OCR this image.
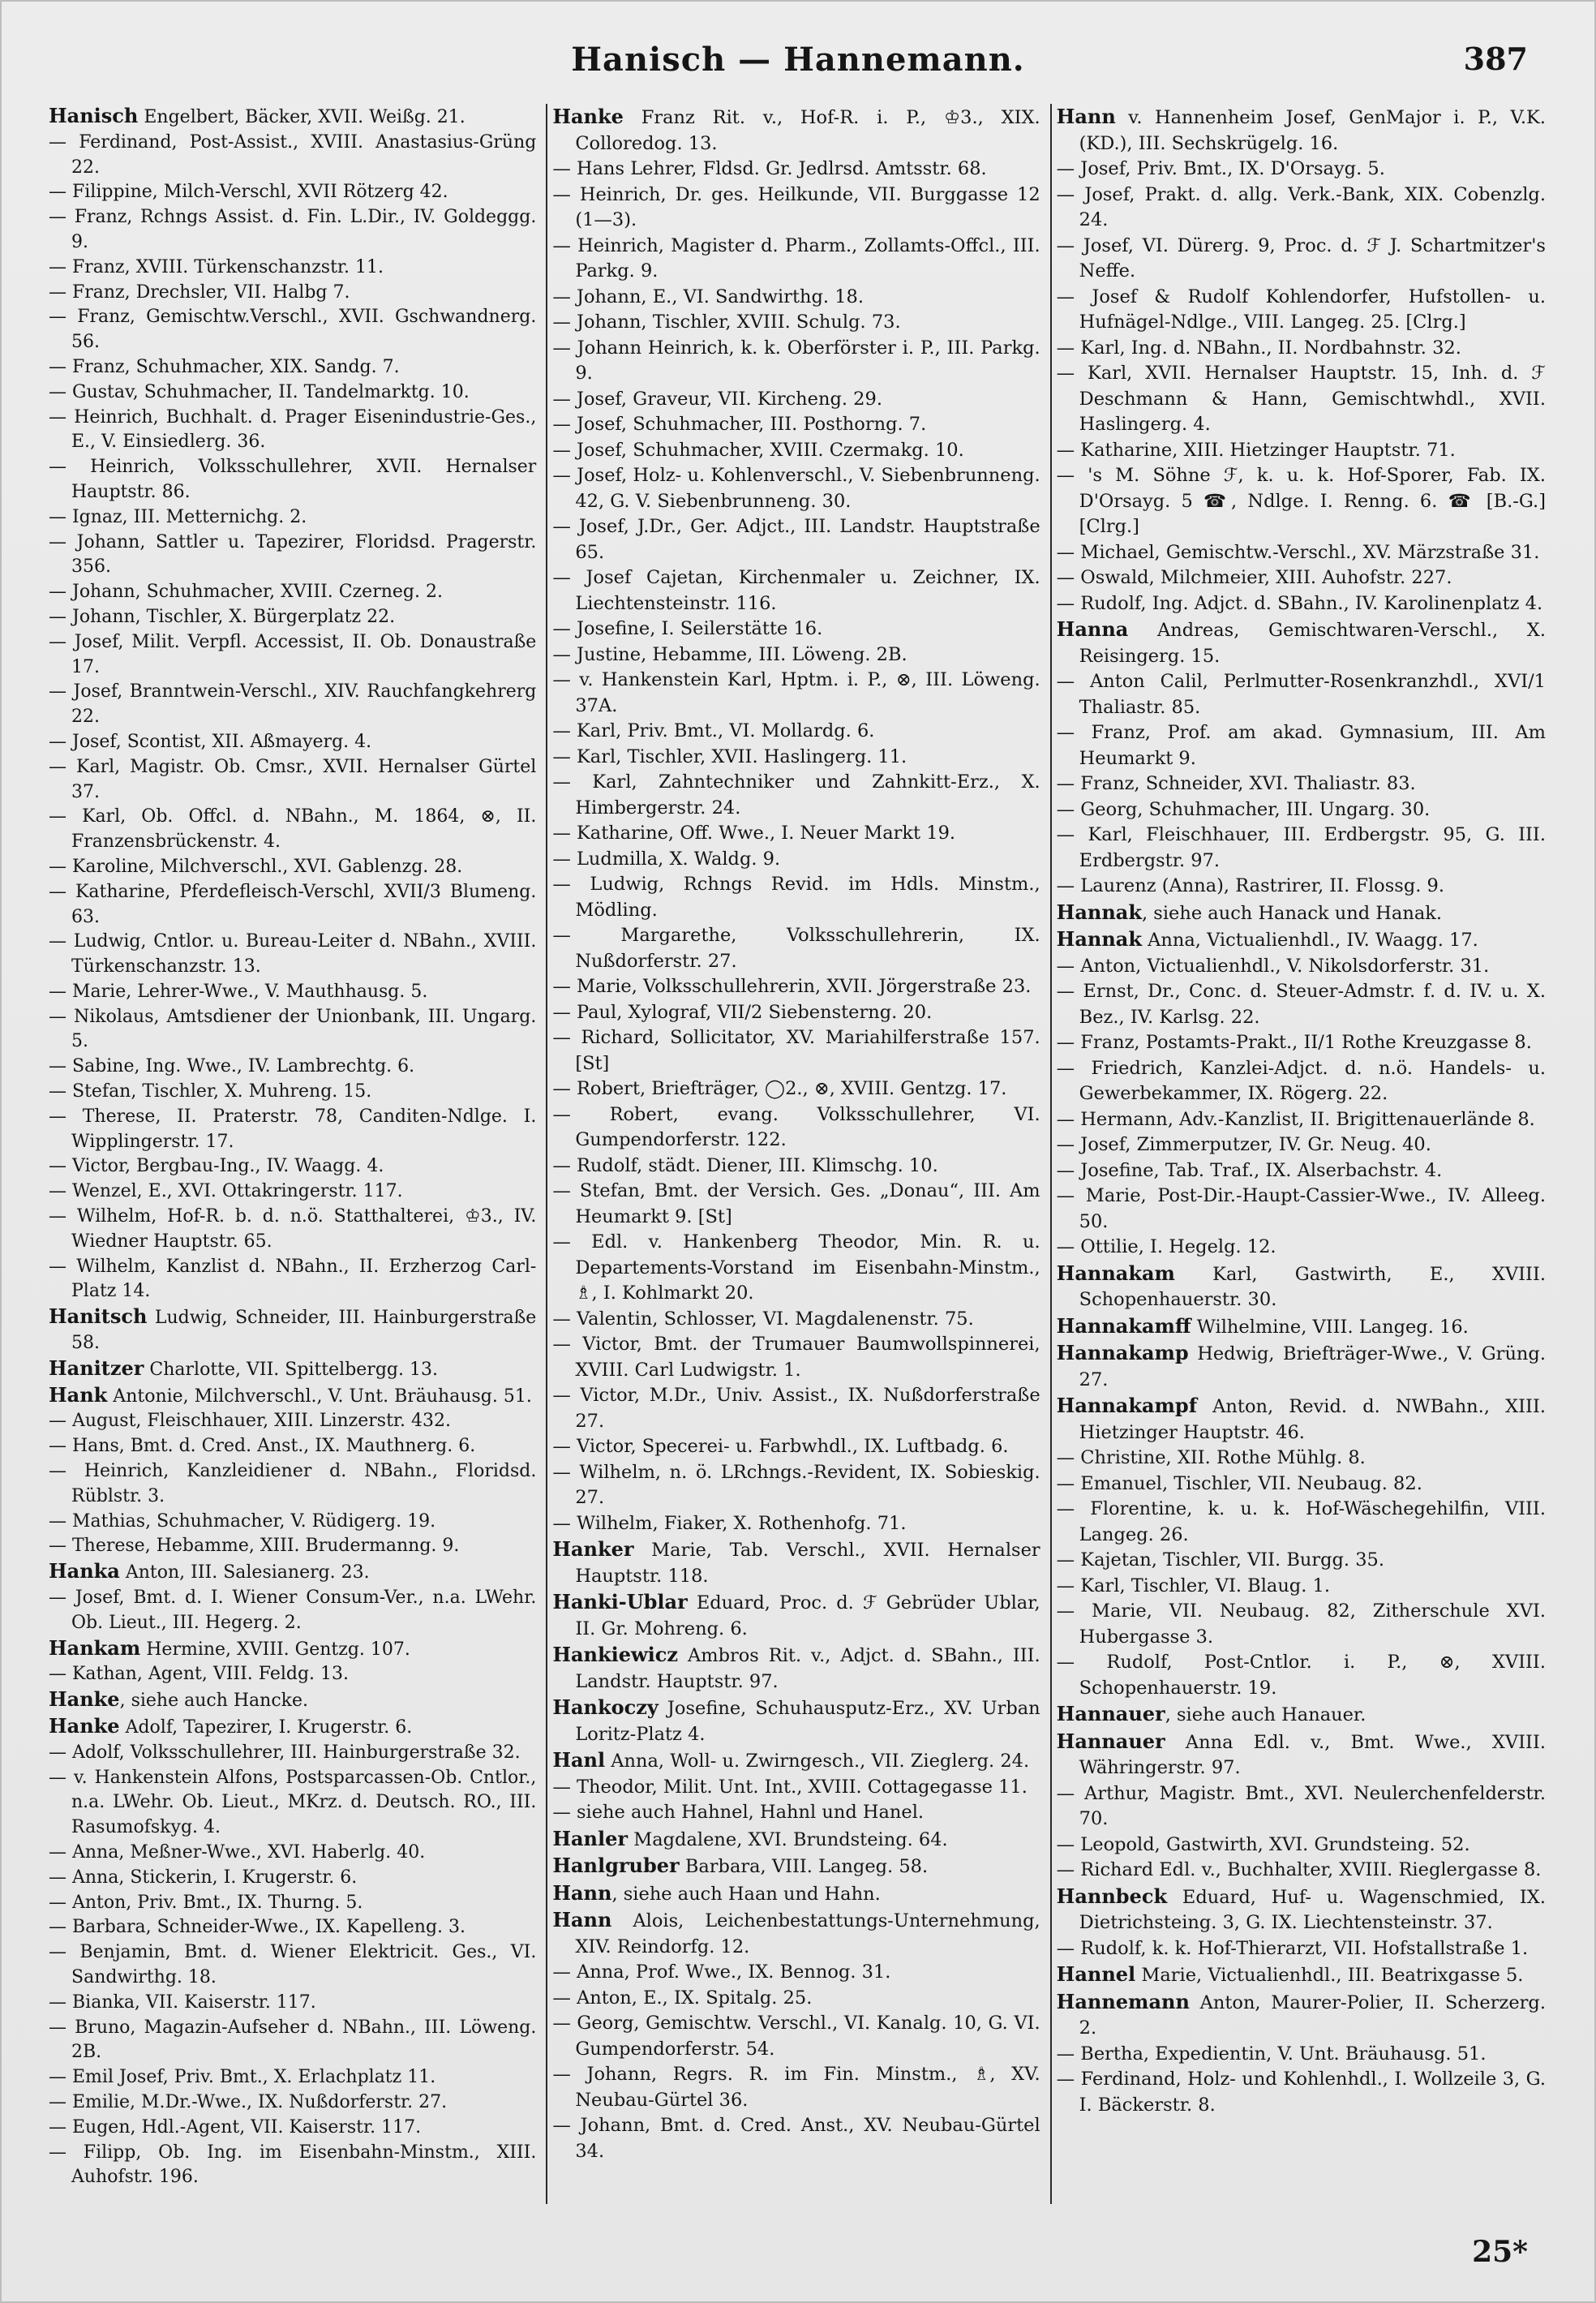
Hanisch — Hannemann.	387
Hanisch Engelbert, Bäcker, XVII. Weißg. 21.
— Ferdinand, Post-Assist., XVIII. Anastasius-Grüng 22.
— Filippine, Milch-Verschl, XVII Rötzerg 42.
— Franz, Rchngs Assist. d. Fin. L.Dir., IV. Goldeggg. 9.
— Franz, XVIII. Türkenschanzstr. 11.
— Franz, Drechsler, VII. Halbg 7.
— Franz, Gemischtw.Verschl., XVII. Gschwandnerg. 56.
— Franz, Schuhmacher, XIX. Sandg. 7.
— Gustav, Schuhmacher, II. Tandelmarktg. 10.
— Heinrich, Buchhalt. d. Prager Eisenindustrie-Ges., E., V. Einsiedlerg. 36.
— Heinrich, Volksschullehrer, XVII. Hernalser Hauptstr. 86.
— Ignaz, III. Metternichg. 2.
— Johann, Sattler u. Tapezirer, Floridsd. Pragerstr. 356.
— Johann, Schuhmacher, XVIII. Czerneg. 2.
— Johann, Tischler, X. Bürgerplatz 22.
— Josef, Milit. Verpfl. Accessist, II. Ob. Donaustraße 17.
— Josef, Branntwein-Verschl., XIV. Rauchfangkehrerg 22.
— Josef, Scontist, XII. Aßmayerg. 4.
— Karl, Magistr. Ob. Cmsr., XVII. Hernalser Gürtel 37.
— Karl, Ob. Offcl. d. NBahn., M. 1864, ⊗, II. Franzensbrückenstr. 4.
— Karoline, Milchverschl., XVI. Gablenzg. 28.
— Katharine, Pferdefleisch-Verschl, XVII/3 Blumeng. 63.
— Ludwig, Cntlor. u. Bureau-Leiter d. NBahn., XVIII. Türkenschanzstr. 13.
— Marie, Lehrer-Wwe., V. Mauthhausg. 5.
— Nikolaus, Amtsdiener der Unionbank, III. Ungarg. 5.
— Sabine, Ing. Wwe., IV. Lambrechtg. 6.
— Stefan, Tischler, X. Muhreng. 15.
— Therese, II. Praterstr. 78, Canditen-Ndlge. I. Wipplingerstr. 17.
— Victor, Bergbau-Ing., IV. Waagg. 4.
— Wenzel, E., XVI. Ottakringerstr. 117.
— Wilhelm, Hof-R. b. d. n.ö. Statthalterei, ♔3., IV. Wiedner Hauptstr. 65.
— Wilhelm, Kanzlist d. NBahn., II. Erzherzog Carl-Platz 14.
Hanitsch Ludwig, Schneider, III. Hainburgerstraße 58.
Hanitzer Charlotte, VII. Spittelbergg. 13.
Hank Antonie, Milchverschl., V. Unt. Bräuhausg. 51.
— August, Fleischhauer, XIII. Linzerstr. 432.
— Hans, Bmt. d. Cred. Anst., IX. Mauthnerg. 6.
— Heinrich, Kanzleidiener d. NBahn., Floridsd. Rüblstr. 3.
— Mathias, Schuhmacher, V. Rüdigerg. 19.
— Therese, Hebamme, XIII. Brudermanng. 9.
Hanka Anton, III. Salesianerg. 23.
— Josef, Bmt. d. I. Wiener Consum-Ver., n.a. LWehr. Ob. Lieut., III. Hegerg. 2.
Hankam Hermine, XVIII. Gentzg. 107.
— Kathan, Agent, VIII. Feldg. 13.
Hanke, siehe auch Hancke.
Hanke Adolf, Tapezirer, I. Krugerstr. 6.
— Adolf, Volksschullehrer, III. Hainburgerstraße 32.
— v. Hankenstein Alfons, Postsparcassen-Ob. Cntlor., n.a. LWehr. Ob. Lieut., MKrz. d. Deutsch. RO., III. Rasumofskyg. 4.
— Anna, Meßner-Wwe., XVI. Haberlg. 40.
— Anna, Stickerin, I. Krugerstr. 6.
— Anton, Priv. Bmt., IX. Thurng. 5.
— Barbara, Schneider-Wwe., IX. Kapelleng. 3.
— Benjamin, Bmt. d. Wiener Elektricit. Ges., VI. Sandwirthg. 18.
— Bianka, VII. Kaiserstr. 117.
— Bruno, Magazin-Aufseher d. NBahn., III. Löweng. 2B.
— Emil Josef, Priv. Bmt., X. Erlachplatz 11.
— Emilie, M.Dr.-Wwe., IX. Nußdorferstr. 27.
— Eugen, Hdl.-Agent, VII. Kaiserstr. 117.
— Filipp, Ob. Ing. im Eisenbahn-Minstm., XIII. Auhofstr. 196.
Hanke Franz Rit. v., Hof-R. i. P., ♔3., XIX. Colloredog. 13.
— Hans Lehrer, Fldsd. Gr. Jedlrsd. Amtsstr. 68.
— Heinrich, Dr. ges. Heilkunde, VII. Burggasse 12 (1—3).
— Heinrich, Magister d. Pharm., Zollamts-Offcl., III. Parkg. 9.
— Johann, E., VI. Sandwirthg. 18.
— Johann, Tischler, XVIII. Schulg. 73.
— Johann Heinrich, k. k. Oberförster i. P., III. Parkg. 9.
— Josef, Graveur, VII. Kircheng. 29.
— Josef, Schuhmacher, III. Posthorng. 7.
— Josef, Schuhmacher, XVIII. Czermakg. 10.
— Josef, Holz- u. Kohlenverschl., V. Siebenbrunneng. 42, G. V. Siebenbrunneng. 30.
— Josef, J.Dr., Ger. Adjct., III. Landstr. Hauptstraße 65.
— Josef Cajetan, Kirchenmaler u. Zeichner, IX. Liechtensteinstr. 116.
— Josefine, I. Seilerstätte 16.
— Justine, Hebamme, III. Löweng. 2B.
— v. Hankenstein Karl, Hptm. i. P., ⊗, III. Löweng. 37A.
— Karl, Priv. Bmt., VI. Mollardg. 6.
— Karl, Tischler, XVII. Haslingerg. 11.
— Karl, Zahntechniker und Zahnkitt-Erz., X. Himbergerstr. 24.
— Katharine, Off. Wwe., I. Neuer Markt 19.
— Ludmilla, X. Waldg. 9.
— Ludwig, Rchngs Revid. im Hdls. Minstm., Mödling.
— Margarethe, Volksschullehrerin, IX. Nußdorferstr. 27.
— Marie, Volksschullehrerin, XVII. Jörgerstraße 23.
— Paul, Xylograf, VII/2 Siebensterng. 20.
— Richard, Sollicitator, XV. Mariahilferstraße 157. [St]
— Robert, Briefträger, ◯2., ⊗, XVIII. Gentzg. 17.
— Robert, evang. Volksschullehrer, VI. Gumpendorferstr. 122.
— Rudolf, städt. Diener, III. Klimschg. 10.
— Stefan, Bmt. der Versich. Ges. „Donau“, III. Am Heumarkt 9. [St]
— Edl. v. Hankenberg Theodor, Min. R. u. Departements-Vorstand im Eisenbahn-Minstm., ♗, I. Kohlmarkt 20.
— Valentin, Schlosser, VI. Magdalenenstr. 75.
— Victor, Bmt. der Trumauer Baumwollspinnerei, XVIII. Carl Ludwigstr. 1.
— Victor, M.Dr., Univ. Assist., IX. Nußdorferstraße 27.
— Victor, Specerei- u. Farbwhdl., IX. Luftbadg. 6.
— Wilhelm, n. ö. LRchngs.-Revident, IX. Sobieskig. 27.
— Wilhelm, Fiaker, X. Rothenhofg. 71.
Hanker Marie, Tab. Verschl., XVII. Hernalser Hauptstr. 118.
Hanki-Ublar Eduard, Proc. d. ℱ Gebrüder Ublar, II. Gr. Mohreng. 6.
Hankiewicz Ambros Rit. v., Adjct. d. SBahn., III. Landstr. Hauptstr. 97.
Hankoczy Josefine, Schuhausputz-Erz., XV. Urban Loritz-Platz 4.
Hanl Anna, Woll- u. Zwirngesch., VII. Zieglerg. 24.
— Theodor, Milit. Unt. Int., XVIII. Cottagegasse 11.
— siehe auch Hahnel, Hahnl und Hanel.
Hanler Magdalene, XVI. Brundsteing. 64.
Hanlgruber Barbara, VIII. Langeg. 58.
Hann, siehe auch Haan und Hahn.
Hann Alois, Leichenbestattungs-Unternehmung, XIV. Reindorfg. 12.
— Anna, Prof. Wwe., IX. Bennog. 31.
— Anton, E., IX. Spitalg. 25.
— Georg, Gemischtw. Verschl., VI. Kanalg. 10, G. VI. Gumpendorferstr. 54.
— Johann, Regrs. R. im Fin. Minstm., ♗, XV. Neubau-Gürtel 36.
— Johann, Bmt. d. Cred. Anst., XV. Neubau-Gürtel 34.
Hann v. Hannenheim Josef, GenMajor i. P., V.K. (KD.), III. Sechskrügelg. 16.
— Josef, Priv. Bmt., IX. D'Orsayg. 5.
— Josef, Prakt. d. allg. Verk.-Bank, XIX. Cobenzlg. 24.
— Josef, VI. Dürerg. 9, Proc. d. ℱ J. Schartmitzer's Neffe.
— Josef & Rudolf Kohlendorfer, Hufstollen- u. Hufnägel-Ndlge., VIII. Langeg. 25. [Clrg.]
— Karl, Ing. d. NBahn., II. Nordbahnstr. 32.
— Karl, XVII. Hernalser Hauptstr. 15, Inh. d. ℱ Deschmann & Hann, Gemischtwhdl., XVII. Haslingerg. 4.
— Katharine, XIII. Hietzinger Hauptstr. 71.
— 's M. Söhne ℱ, k. u. k. Hof-Sporer, Fab. IX. D'Orsayg. 5 ☎, Ndlge. I. Renng. 6. ☎ [B.-G.] [Clrg.]
— Michael, Gemischtw.-Verschl., XV. Märzstraße 31.
— Oswald, Milchmeier, XIII. Auhofstr. 227.
— Rudolf, Ing. Adjct. d. SBahn., IV. Karolinenplatz 4.
Hanna Andreas, Gemischtwaren-Verschl., X. Reisingerg. 15.
— Anton Calil, Perlmutter-Rosenkranzhdl., XVI/1 Thaliastr. 85.
— Franz, Prof. am akad. Gymnasium, III. Am Heumarkt 9.
— Franz, Schneider, XVI. Thaliastr. 83.
— Georg, Schuhmacher, III. Ungarg. 30.
— Karl, Fleischhauer, III. Erdbergstr. 95, G. III. Erdbergstr. 97.
— Laurenz (Anna), Rastrirer, II. Flossg. 9.
Hannak, siehe auch Hanack und Hanak.
Hannak Anna, Victualienhdl., IV. Waagg. 17.
— Anton, Victualienhdl., V. Nikolsdorferstr. 31.
— Ernst, Dr., Conc. d. Steuer-Admstr. f. d. IV. u. X. Bez., IV. Karlsg. 22.
— Franz, Postamts-Prakt., II/1 Rothe Kreuzgasse 8.
— Friedrich, Kanzlei-Adjct. d. n.ö. Handels- u. Gewerbekammer, IX. Rögerg. 22.
— Hermann, Adv.-Kanzlist, II. Brigittenauerlände 8.
— Josef, Zimmerputzer, IV. Gr. Neug. 40.
— Josefine, Tab. Traf., IX. Alserbachstr. 4.
— Marie, Post-Dir.-Haupt-Cassier-Wwe., IV. Alleeg. 50.
— Ottilie, I. Hegelg. 12.
Hannakam Karl, Gastwirth, E., XVIII. Schopenhauerstr. 30.
Hannakamff Wilhelmine, VIII. Langeg. 16.
Hannakamp Hedwig, Briefträger-Wwe., V. Grüng. 27.
Hannakampf Anton, Revid. d. NWBahn., XIII. Hietzinger Hauptstr. 46.
— Christine, XII. Rothe Mühlg. 8.
— Emanuel, Tischler, VII. Neubaug. 82.
— Florentine, k. u. k. Hof-Wäschegehilfin, VIII. Langeg. 26.
— Kajetan, Tischler, VII. Burgg. 35.
— Karl, Tischler, VI. Blaug. 1.
— Marie, VII. Neubaug. 82, Zitherschule XVI. Hubergasse 3.
— Rudolf, Post-Cntlor. i. P., ⊗, XVIII. Schopenhauerstr. 19.
Hannauer, siehe auch Hanauer.
Hannauer Anna Edl. v., Bmt. Wwe., XVIII. Währingerstr. 97.
— Arthur, Magistr. Bmt., XVI. Neulerchenfelderstr. 70.
— Leopold, Gastwirth, XVI. Grundsteing. 52.
— Richard Edl. v., Buchhalter, XVIII. Rieglergasse 8.
Hannbeck Eduard, Huf- u. Wagenschmied, IX. Dietrichsteing. 3, G. IX. Liechtensteinstr. 37.
— Rudolf, k. k. Hof-Thierarzt, VII. Hofstallstraße 1.
Hannel Marie, Victualienhdl., III. Beatrixgasse 5.
Hannemann Anton, Maurer-Polier, II. Scherzerg. 2.
— Bertha, Expedientin, V. Unt. Bräuhausg. 51.
— Ferdinand, Holz- und Kohlenhdl., I. Wollzeile 3, G. I. Bäckerstr. 8.
25*
